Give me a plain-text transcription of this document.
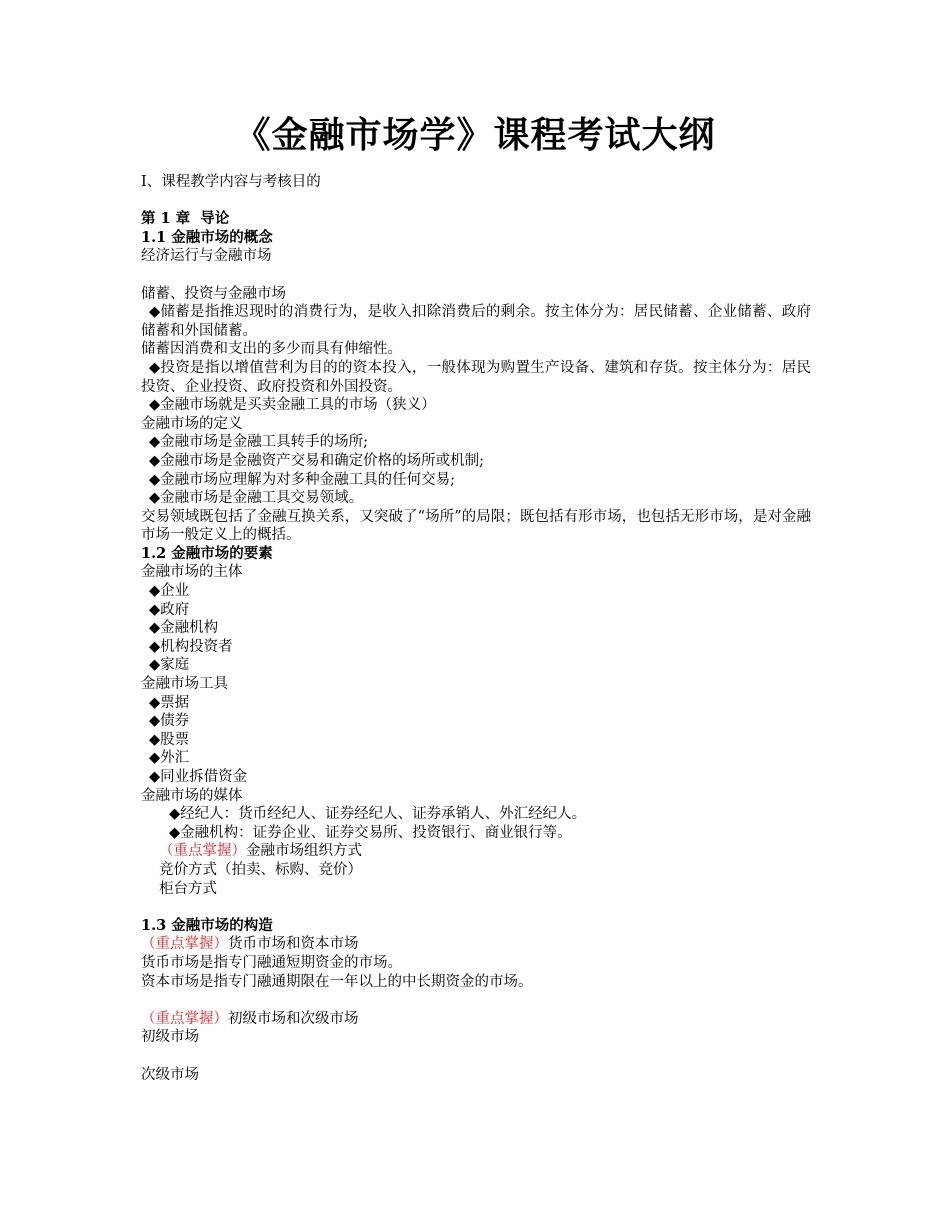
《金融市场学》课程考试大纲
I、课程教学内容与考核目的
第 1 章  导论
1.1 金融市场的概念
经济运行与金融市场
储蓄、投资与金融市场
◆储蓄是指推迟现时的消费行为，是收入扣除消费后的剩余。按主体分为：居民储蓄、企业储蓄、政府储蓄和外国储蓄。
储蓄因消费和支出的多少而具有伸缩性。
◆投资是指以增值营利为目的的资本投入，一般体现为购置生产设备、建筑和存货。按主体分为：居民投资、企业投资、政府投资和外国投资。
◆金融市场就是买卖金融工具的市场（狭义）
金融市场的定义
◆金融市场是金融工具转手的场所;
◆金融市场是金融资产交易和确定价格的场所或机制;
◆金融市场应理解为对多种金融工具的任何交易;
◆金融市场是金融工具交易领域。
交易领域既包括了金融互换关系，又突破了“场所”的局限；既包括有形市场，也包括无形市场，是对金融市场一般定义上的概括。
1.2 金融市场的要素
金融市场的主体
◆企业
◆政府
◆金融机构
◆机构投资者
◆家庭
金融市场工具
◆票据
◆债券
◆股票
◆外汇
◆同业拆借资金
金融市场的媒体
◆经纪人：货币经纪人、证券经纪人、证券承销人、外汇经纪人。
◆金融机构：证券企业、证券交易所、投资银行、商业银行等。
（重点掌握）金融市场组织方式
竞价方式（拍卖、标购、竞价）
柜台方式
1.3 金融市场的构造
（重点掌握）货币市场和资本市场
货币市场是指专门融通短期资金的市场。
资本市场是指专门融通期限在一年以上的中长期资金的市场。
（重点掌握）初级市场和次级市场
初级市场
次级市场
